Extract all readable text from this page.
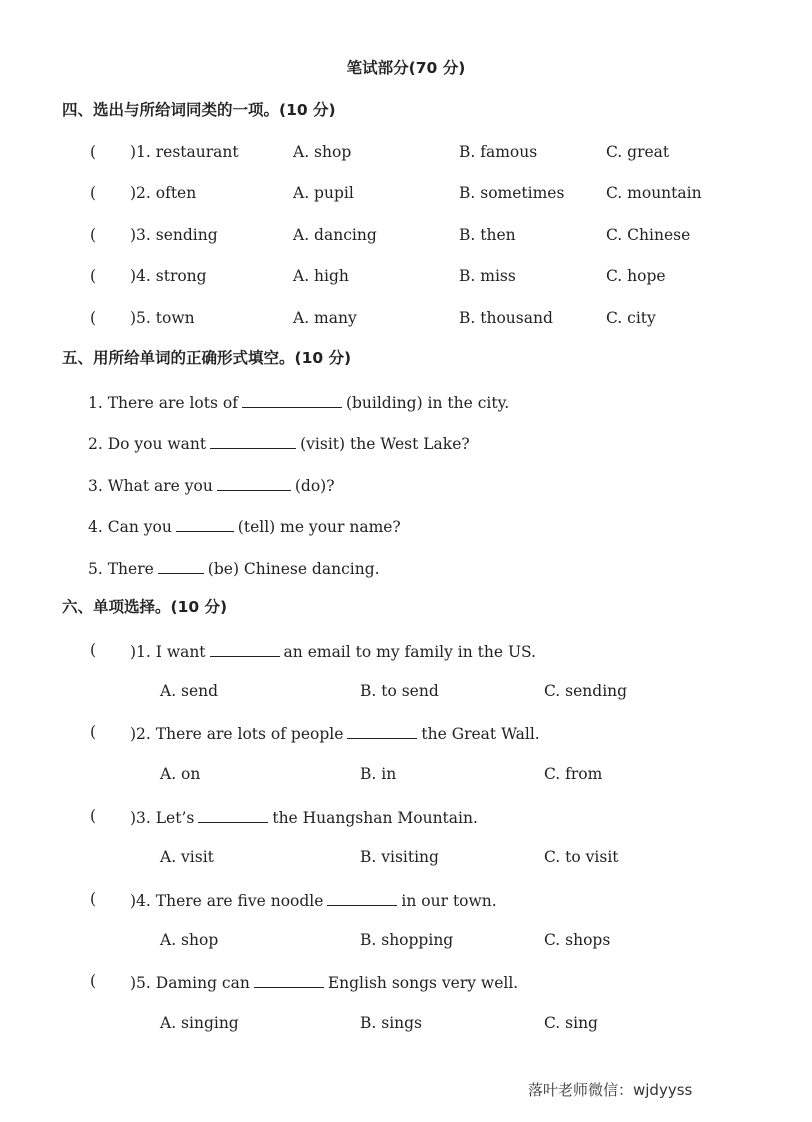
笔试部分(70 分)
四、选出与所给词同类的一项。(10 分)
五、用所给单词的正确形式填空。(10 分)
六、单项选择。(10 分)
落叶老师微信：wjdyyss
( )1. restaurant	A. shop	B. famous	C. great
( )2. often	A. pupil	B. sometimes	C. mountain
( )3. sending	A. dancing	B. then	C. Chinese
( )4. strong	A. high	B. miss	C. hope
( )5. town	A. many	B. thousand	C. city
1. There are lots of	(building) in the city.
2. Do you want	(visit) the West Lake?
3. What are you	(do)?
4. Can you	(tell) me your name?
5. There	(be) Chinese dancing.
( )1. I want	an email to my family in the US.
A. send	B. to send	C. sending
( )2. There are lots of people	the Great Wall.
A. on	B. in	C. from
( )3. Let’s	the Huangshan Mountain.
A. visit	B. visiting	C. to visit
( )4. There are five noodle	in our town.
A. shop	B. shopping	C. shops
( )5. Daming can	English songs very well.
A. singing	B. sings	C. sing
